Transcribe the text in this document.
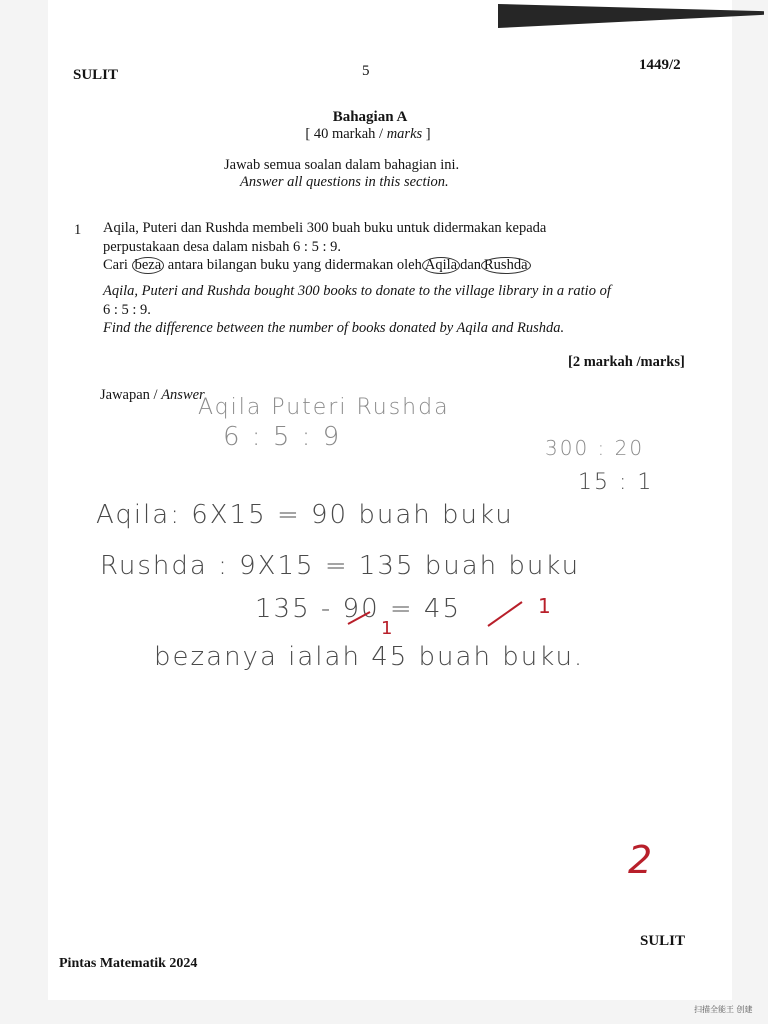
SULIT	5	1449/2
Bahagian A
[ 40 markah / marks ]
Jawab semua soalan dalam bahagian ini.
Answer all questions in this section.
1 Aqila, Puteri dan Rushda membeli 300 buah buku untuk didermakan kepada
perpustakaan desa dalam nisbah 6 : 5 : 9.
Cari beza antara bilangan buku yang didermakan oleh Aqila dan Rushda
Aqila, Puteri and Rushda bought 300 books to donate to the village library in a ratio of
6 : 5 : 9.
Find the difference between the number of books donated by Aqila and Rushda.
[2 markah /marks]
Jawapan / Answer
Aqila Puteri Rushda
6 : 5 : 9	300 : 20
15 : 1
Aqila: 6X15 = 90 buah buku
Rushda : 9X15 = 135 buah buku
135 - 90 = 45
bezanya ialah 45 buah buku.
1
1
2
SULIT
Pintas Matematik 2024
扫描全能王 创建
